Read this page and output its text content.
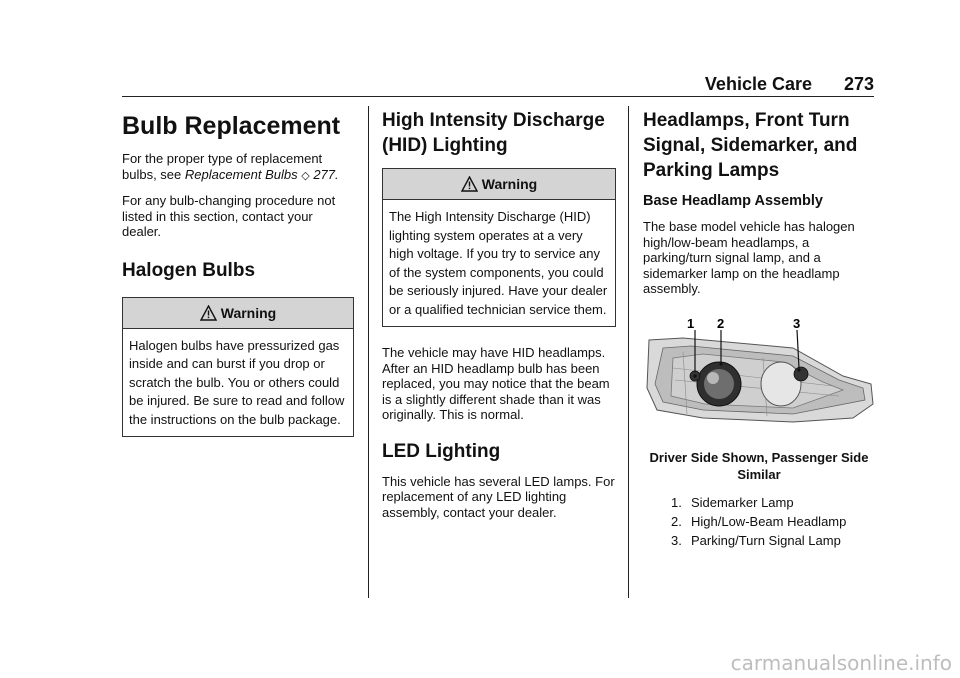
Vehicle Care 273
Bulb Replacement

For the proper type of replacement bulbs, see Replacement Bulbs ◇ 277.

For any bulb-changing procedure not listed in this section, contact your dealer.

Halogen Bulbs
Warning
Halogen bulbs have pressurized gas inside and can burst if you drop or scratch the bulb. You or others could be injured. Be sure to read and follow the instructions on the bulb package.
High Intensity Discharge (HID) Lighting
Warning
The High Intensity Discharge (HID) lighting system operates at a very high voltage. If you try to service any of the system components, you could be seriously injured. Have your dealer or a qualified technician service them.

The vehicle may have HID headlamps. After an HID headlamp bulb has been replaced, you may notice that the beam is a slightly different shade than it was originally. This is normal.

LED Lighting

This vehicle has several LED lamps. For replacement of any LED lighting assembly, contact your dealer.

Headlamps, Front Turn Signal, Sidemarker, and Parking Lamps
Base Headlamp Assembly

The base model vehicle has halogen high/low-beam headlamps, a parking/turn signal lamp, and a sidemarker lamp on the headlamp assembly.

1 2	3
Driver Side Shown, Passenger Side Similar
1. Sidemarker Lamp
2. High/Low-Beam Headlamp
3. Parking/Turn Signal Lamp
carmanualsonline.info
